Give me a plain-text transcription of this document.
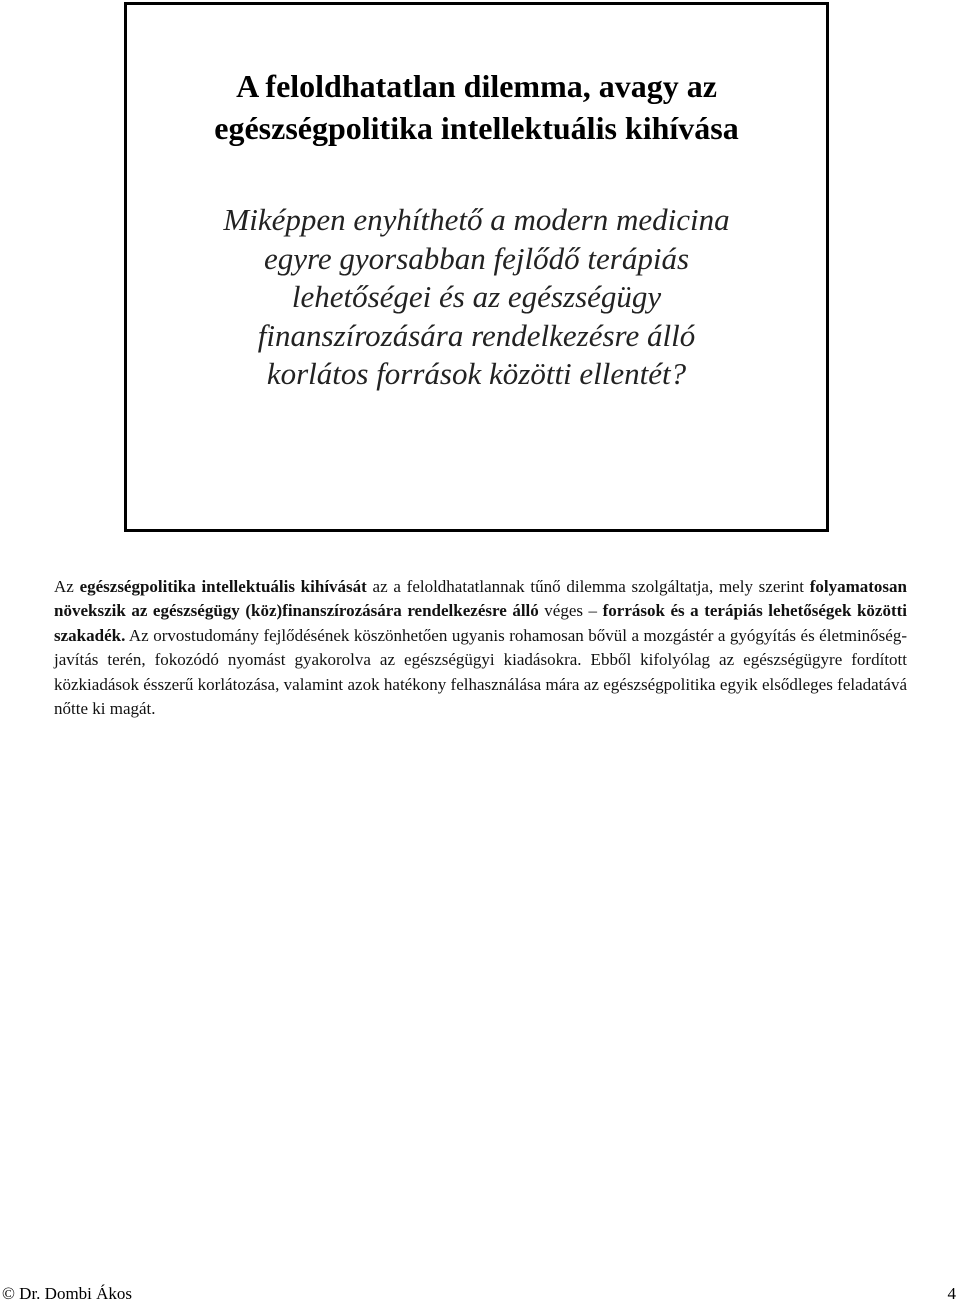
A feloldhatatlan dilemma, avagy az
egészségpolitika intellektuális kihívása

Miképpen enyhíthető a modern medicina
egyre gyorsabban fejlődő terápiás
lehetőségei és az egészségügy
finanszírozására rendelkezésre álló
korlátos források közötti ellentét?

Az egészségpolitika intellektuális kihívását az a feloldhatatlannak tűnő dilemma szolgáltatja, mely szerint folyamatosan növekszik az egészségügy (köz)finanszírozására rendelkezésre álló véges – források és a terápiás lehetőségek közötti szakadék. Az orvostudomány fejlődésének köszönhetően ugyanis rohamosan bővül a mozgástér a gyógyítás és életminőség-javítás terén, fokozódó nyomást gyakorolva az egészségügyi kiadásokra. Ebből kifolyólag az egészségügyre fordított közkiadások ésszerű korlátozása, valamint azok hatékony felhasználása mára az egészségpolitika egyik elsődleges feladatává nőtte ki magát.

© Dr. Dombi Ákos	4
